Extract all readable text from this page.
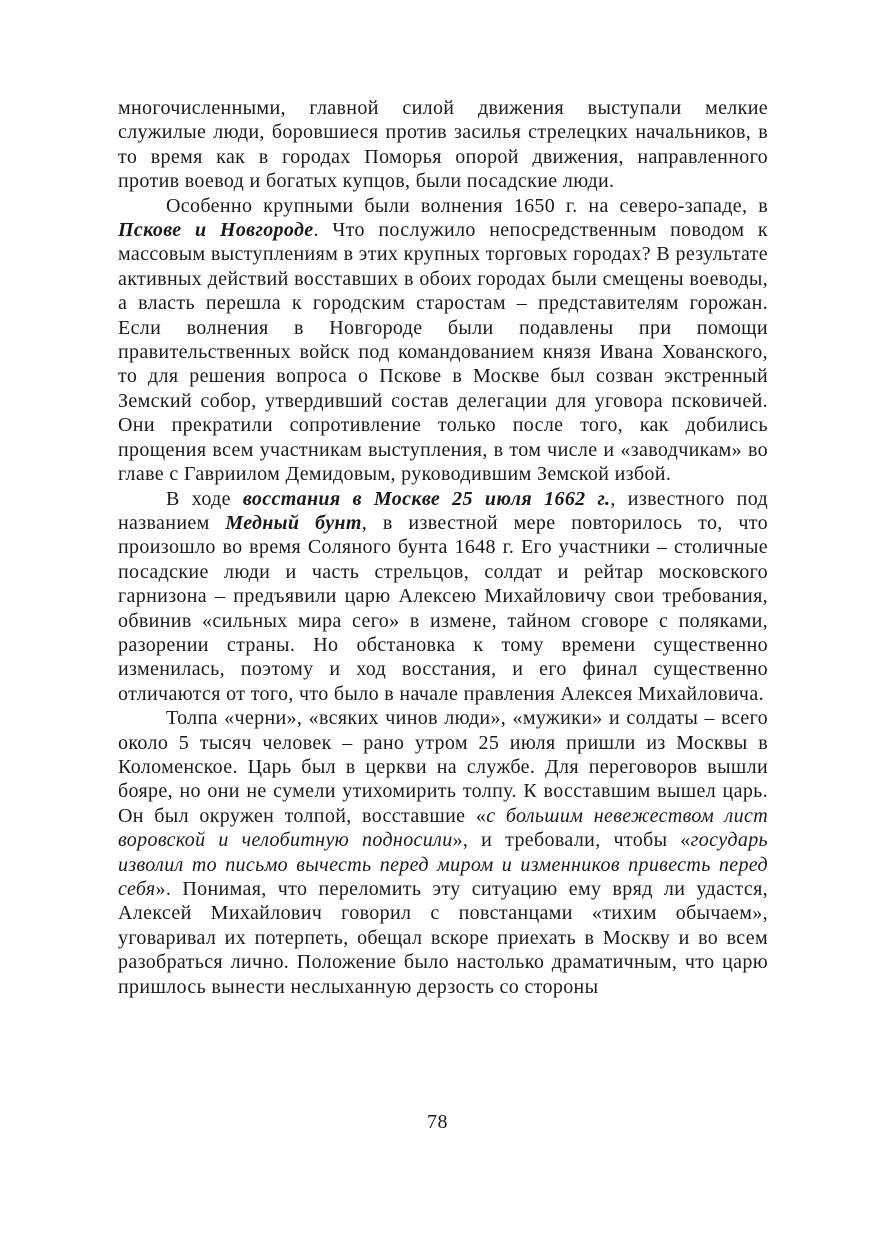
многочисленными, главной силой движения выступали мелкие служилые люди, боровшиеся против засилья стрелецких начальников, в то время как в городах Поморья опорой движения, направленного против воевод и богатых купцов, были посадские люди.

Особенно крупными были волнения 1650 г. на северо-западе, в Пскове и Новгороде. Что послужило непосредственным поводом к массовым выступлениям в этих крупных торговых городах? В результате активных действий восставших в обоих городах были смещены воеводы, а власть перешла к городским старостам – представителям горожан. Если волнения в Новгороде были подавлены при помощи правительственных войск под командованием князя Ивана Хованского, то для решения вопроса о Пскове в Москве был созван экстренный Земский собор, утвердивший состав делегации для уговора псковичей. Они прекратили сопротивление только после того, как добились прощения всем участникам выступления, в том числе и «заводчикам» во главе с Гавриилом Демидовым, руководившим Земской избой.

В ходе восстания в Москве 25 июля 1662 г., известного под названием Медный бунт, в известной мере повторилось то, что произошло во время Соляного бунта 1648 г. Его участники – столичные посадские люди и часть стрельцов, солдат и рейтар московского гарнизона – предъявили царю Алексею Михайловичу свои требования, обвинив «сильных мира сего» в измене, тайном сговоре с поляками, разорении страны. Но обстановка к тому времени существенно изменилась, поэтому и ход восстания, и его финал существенно отличаются от того, что было в начале правления Алексея Михайловича.

Толпа «черни», «всяких чинов люди», «мужики» и солдаты – всего около 5 тысяч человек – рано утром 25 июля пришли из Москвы в Коломенское. Царь был в церкви на службе. Для переговоров вышли бояре, но они не сумели утихомирить толпу. К восставшим вышел царь. Он был окружен толпой, восставшие «с большим невежеством лист воровской и челобитную подносили», и требовали, чтобы «государь изволил то письмо вычесть перед миром и изменников привесть перед себя». Понимая, что переломить эту ситуацию ему вряд ли удастся, Алексей Михайлович говорил с повстанцами «тихим обычаем», уговаривал их потерпеть, обещал вскоре приехать в Москву и во всем разобраться лично. Положение было настолько драматичным, что царю пришлось вынести неслыханную дерзость со стороны

78
